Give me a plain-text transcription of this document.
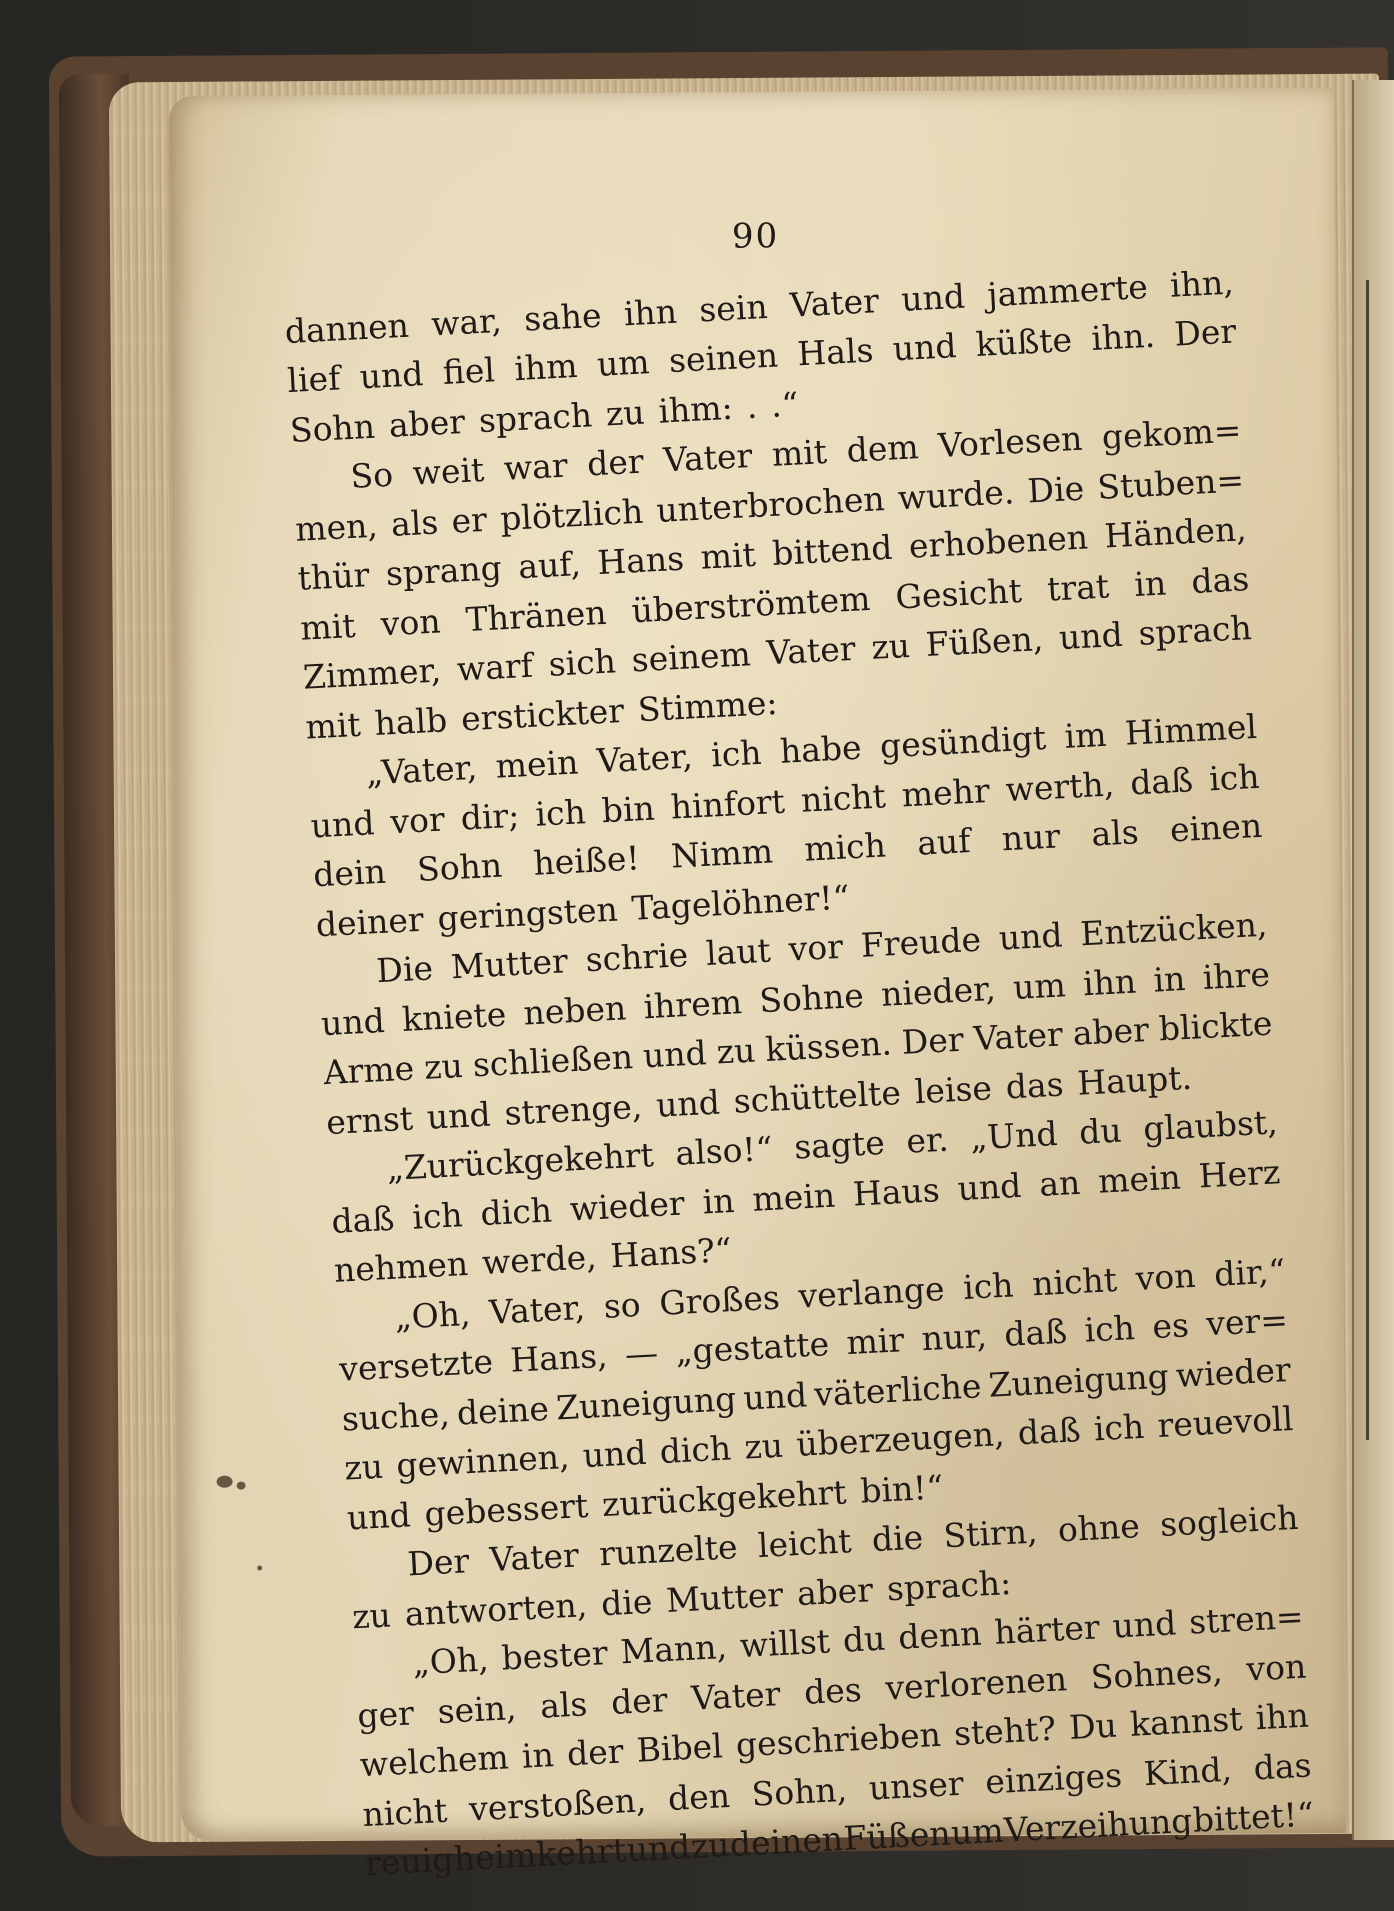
90
dannen war, sahe ihn sein Vater und jammerte ihn,
lief und fiel ihm um seinen Hals und küßte ihn. Der
Sohn aber sprach zu ihm: . .“
So weit war der Vater mit dem Vorlesen gekom=
men, als er plötzlich unterbrochen wurde. Die Stuben=
thür sprang auf, Hans mit bittend erhobenen Händen,
mit von Thränen überströmtem Gesicht trat in das
Zimmer, warf sich seinem Vater zu Füßen, und sprach
mit halb erstickter Stimme:
„Vater, mein Vater, ich habe gesündigt im Himmel
und vor dir; ich bin hinfort nicht mehr werth, daß ich
dein Sohn heiße! Nimm mich auf nur als einen
deiner geringsten Tagelöhner!“
Die Mutter schrie laut vor Freude und Entzücken,
und kniete neben ihrem Sohne nieder, um ihn in ihre
Arme zu schließen und zu küssen. Der Vater aber blickte
ernst und strenge, und schüttelte leise das Haupt.
„Zurückgekehrt also!“ sagte er. „Und du glaubst,
daß ich dich wieder in mein Haus und an mein Herz
nehmen werde, Hans?“
„Oh, Vater, so Großes verlange ich nicht von dir,“
versetzte Hans, — „gestatte mir nur, daß ich es ver=
suche, deine Zuneigung und väterliche Zuneigung wieder
zu gewinnen, und dich zu überzeugen, daß ich reuevoll
und gebessert zurückgekehrt bin!“
Der Vater runzelte leicht die Stirn, ohne sogleich
zu antworten, die Mutter aber sprach:
„Oh, bester Mann, willst du denn härter und stren=
ger sein, als der Vater des verlorenen Sohnes, von
welchem in der Bibel geschrieben steht? Du kannst ihn
nicht verstoßen, den Sohn, unser einziges Kind, das
reuig
heimkehrt
und
zu
deinen
Füßen
um
Verzeihung
bittet!“
